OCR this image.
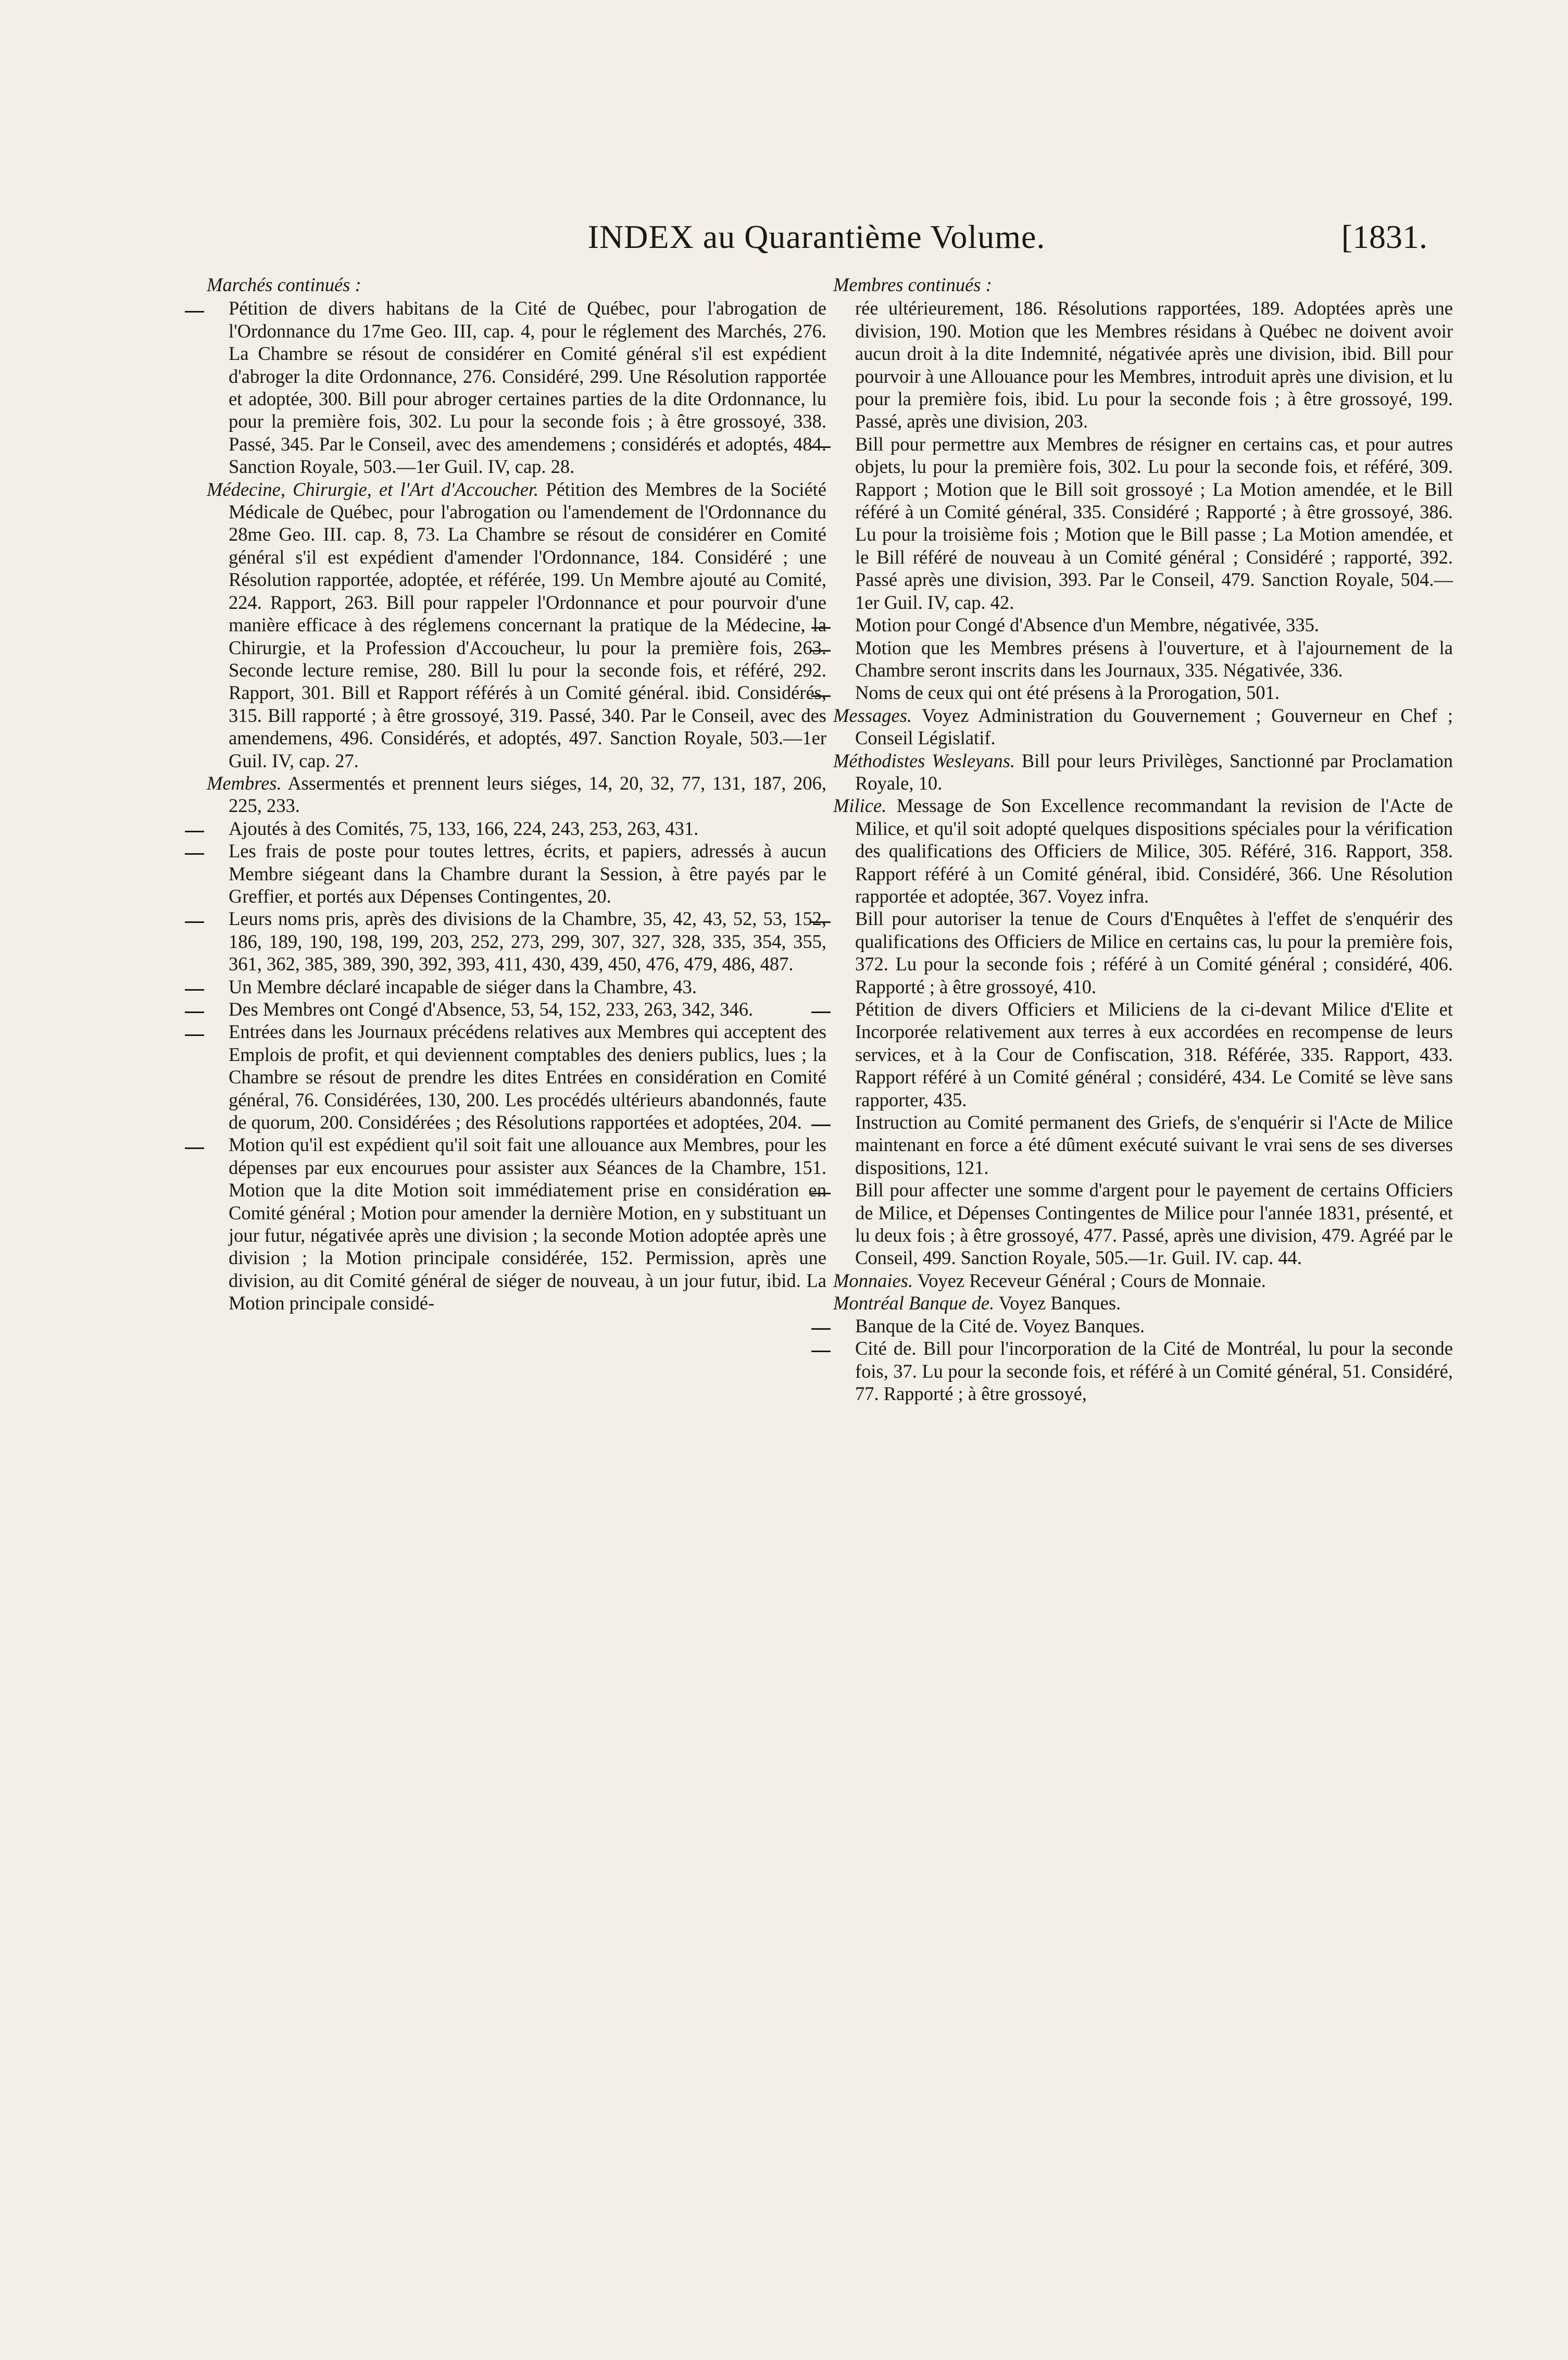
INDEX au Quarantième Volume.	[1831.
Marchés continués :

Pétition de divers habitans de la Cité de Québec, pour l'abrogation de l'Ordonnance du 17me Geo. III, cap. 4, pour le réglement des Marchés, 276. La Chambre se résout de considérer en Comité général s'il est expédient d'abroger la dite Ordonnance, 276. Considéré, 299. Une Résolution rapportée et adoptée, 300. Bill pour abroger certaines parties de la dite Ordonnance, lu pour la première fois, 302. Lu pour la seconde fois ; à être grossoyé, 338. Passé, 345. Par le Conseil, avec des amendemens ; considérés et adoptés, 484. Sanction Royale, 503.—1er Guil. IV, cap. 28.

Médecine, Chirurgie, et l'Art d'Accoucher. Pétition des Membres de la Société Médicale de Québec, pour l'abrogation ou l'amendement de l'Ordonnance du 28me Geo. III. cap. 8, 73. La Chambre se résout de considérer en Comité général s'il est expédient d'amender l'Ordonnance, 184. Considéré ; une Résolution rapportée, adoptée, et référée, 199. Un Membre ajouté au Comité, 224. Rapport, 263. Bill pour rappeler l'Ordonnance et pour pourvoir d'une manière efficace à des réglemens concernant la pratique de la Médecine, la Chirurgie, et la Profession d'Accoucheur, lu pour la première fois, 263. Seconde lecture remise, 280. Bill lu pour la seconde fois, et référé, 292. Rapport, 301. Bill et Rapport référés à un Comité général. ibid. Considérés, 315. Bill rapporté ; à être grossoyé, 319. Passé, 340. Par le Conseil, avec des amendemens, 496. Considérés, et adoptés, 497. Sanction Royale, 503.—1er Guil. IV, cap. 27.

Membres. Assermentés et prennent leurs siéges, 14, 20, 32, 77, 131, 187, 206, 225, 233.

Ajoutés à des Comités, 75, 133, 166, 224, 243, 253, 263, 431.

Les frais de poste pour toutes lettres, écrits, et papiers, adressés à aucun Membre siégeant dans la Chambre durant la Session, à être payés par le Greffier, et portés aux Dépenses Contingentes, 20.

Leurs noms pris, après des divisions de la Chambre, 35, 42, 43, 52, 53, 152, 186, 189, 190, 198, 199, 203, 252, 273, 299, 307, 327, 328, 335, 354, 355, 361, 362, 385, 389, 390, 392, 393, 411, 430, 439, 450, 476, 479, 486, 487.

Un Membre déclaré incapable de siéger dans la Chambre, 43.

Des Membres ont Congé d'Absence, 53, 54, 152, 233, 263, 342, 346.

Entrées dans les Journaux précédens relatives aux Membres qui acceptent des Emplois de profit, et qui deviennent comptables des deniers publics, lues ; la Chambre se résout de prendre les dites Entrées en considération en Comité général, 76. Considérées, 130, 200. Les procédés ultérieurs abandonnés, faute de quorum, 200. Considérées ; des Résolutions rapportées et adoptées, 204.

Motion qu'il est expédient qu'il soit fait une allouance aux Membres, pour les dépenses par eux encourues pour assister aux Séances de la Chambre, 151. Motion que la dite Motion soit immédiatement prise en considération en Comité général ; Motion pour amender la dernière Motion, en y substituant un jour futur, négativée après une division ; la seconde Motion adoptée après une division ; la Motion principale considérée, 152. Permission, après une division, au dit Comité général de siéger de nouveau, à un jour futur, ibid. La Motion principale considé-

Membres continués :

rée ultérieurement, 186. Résolutions rapportées, 189. Adoptées après une division, 190. Motion que les Membres résidans à Québec ne doivent avoir aucun droit à la dite Indemnité, négativée après une division, ibid. Bill pour pourvoir à une Allouance pour les Membres, introduit après une division, et lu pour la première fois, ibid. Lu pour la seconde fois ; à être grossoyé, 199. Passé, après une division, 203.

Bill pour permettre aux Membres de résigner en certains cas, et pour autres objets, lu pour la première fois, 302. Lu pour la seconde fois, et référé, 309. Rapport ; Motion que le Bill soit grossoyé ; La Motion amendée, et le Bill référé à un Comité général, 335. Considéré ; Rapporté ; à être grossoyé, 386. Lu pour la troisième fois ; Motion que le Bill passe ; La Motion amendée, et le Bill référé de nouveau à un Comité général ; Considéré ; rapporté, 392. Passé après une division, 393. Par le Conseil, 479. Sanction Royale, 504.—1er Guil. IV, cap. 42.

Motion pour Congé d'Absence d'un Membre, négativée, 335.

Motion que les Membres présens à l'ouverture, et à l'ajournement de la Chambre seront inscrits dans les Journaux, 335. Négativée, 336.

Noms de ceux qui ont été présens à la Prorogation, 501.

Messages. Voyez Administration du Gouvernement ; Gouverneur en Chef ; Conseil Législatif.

Méthodistes Wesleyans. Bill pour leurs Privilèges, Sanctionné par Proclamation Royale, 10.

Milice. Message de Son Excellence recommandant la revision de l'Acte de Milice, et qu'il soit adopté quelques dispositions spéciales pour la vérification des qualifications des Officiers de Milice, 305. Référé, 316. Rapport, 358. Rapport référé à un Comité général, ibid. Considéré, 366. Une Résolution rapportée et adoptée, 367. Voyez infra.

Bill pour autoriser la tenue de Cours d'Enquêtes à l'effet de s'enquérir des qualifications des Officiers de Milice en certains cas, lu pour la première fois, 372. Lu pour la seconde fois ; référé à un Comité général ; considéré, 406. Rapporté ; à être grossoyé, 410.

Pétition de divers Officiers et Miliciens de la ci-devant Milice d'Elite et Incorporée relativement aux terres à eux accordées en recompense de leurs services, et à la Cour de Confiscation, 318. Référée, 335. Rapport, 433. Rapport référé à un Comité général ; considéré, 434. Le Comité se lève sans rapporter, 435.

Instruction au Comité permanent des Griefs, de s'enquérir si l'Acte de Milice maintenant en force a été dûment exécuté suivant le vrai sens de ses diverses dispositions, 121.

Bill pour affecter une somme d'argent pour le payement de certains Officiers de Milice, et Dépenses Contingentes de Milice pour l'année 1831, présenté, et lu deux fois ; à être grossoyé, 477. Passé, après une division, 479. Agréé par le Conseil, 499. Sanction Royale, 505.—1r. Guil. IV. cap. 44.

Monnaies. Voyez Receveur Général ; Cours de Monnaie.

Montréal Banque de. Voyez Banques.

Banque de la Cité de. Voyez Banques.

Cité de. Bill pour l'incorporation de la Cité de Montréal, lu pour la seconde fois, 37. Lu pour la seconde fois, et référé à un Comité général, 51. Considéré, 77. Rapporté ; à être grossoyé,
